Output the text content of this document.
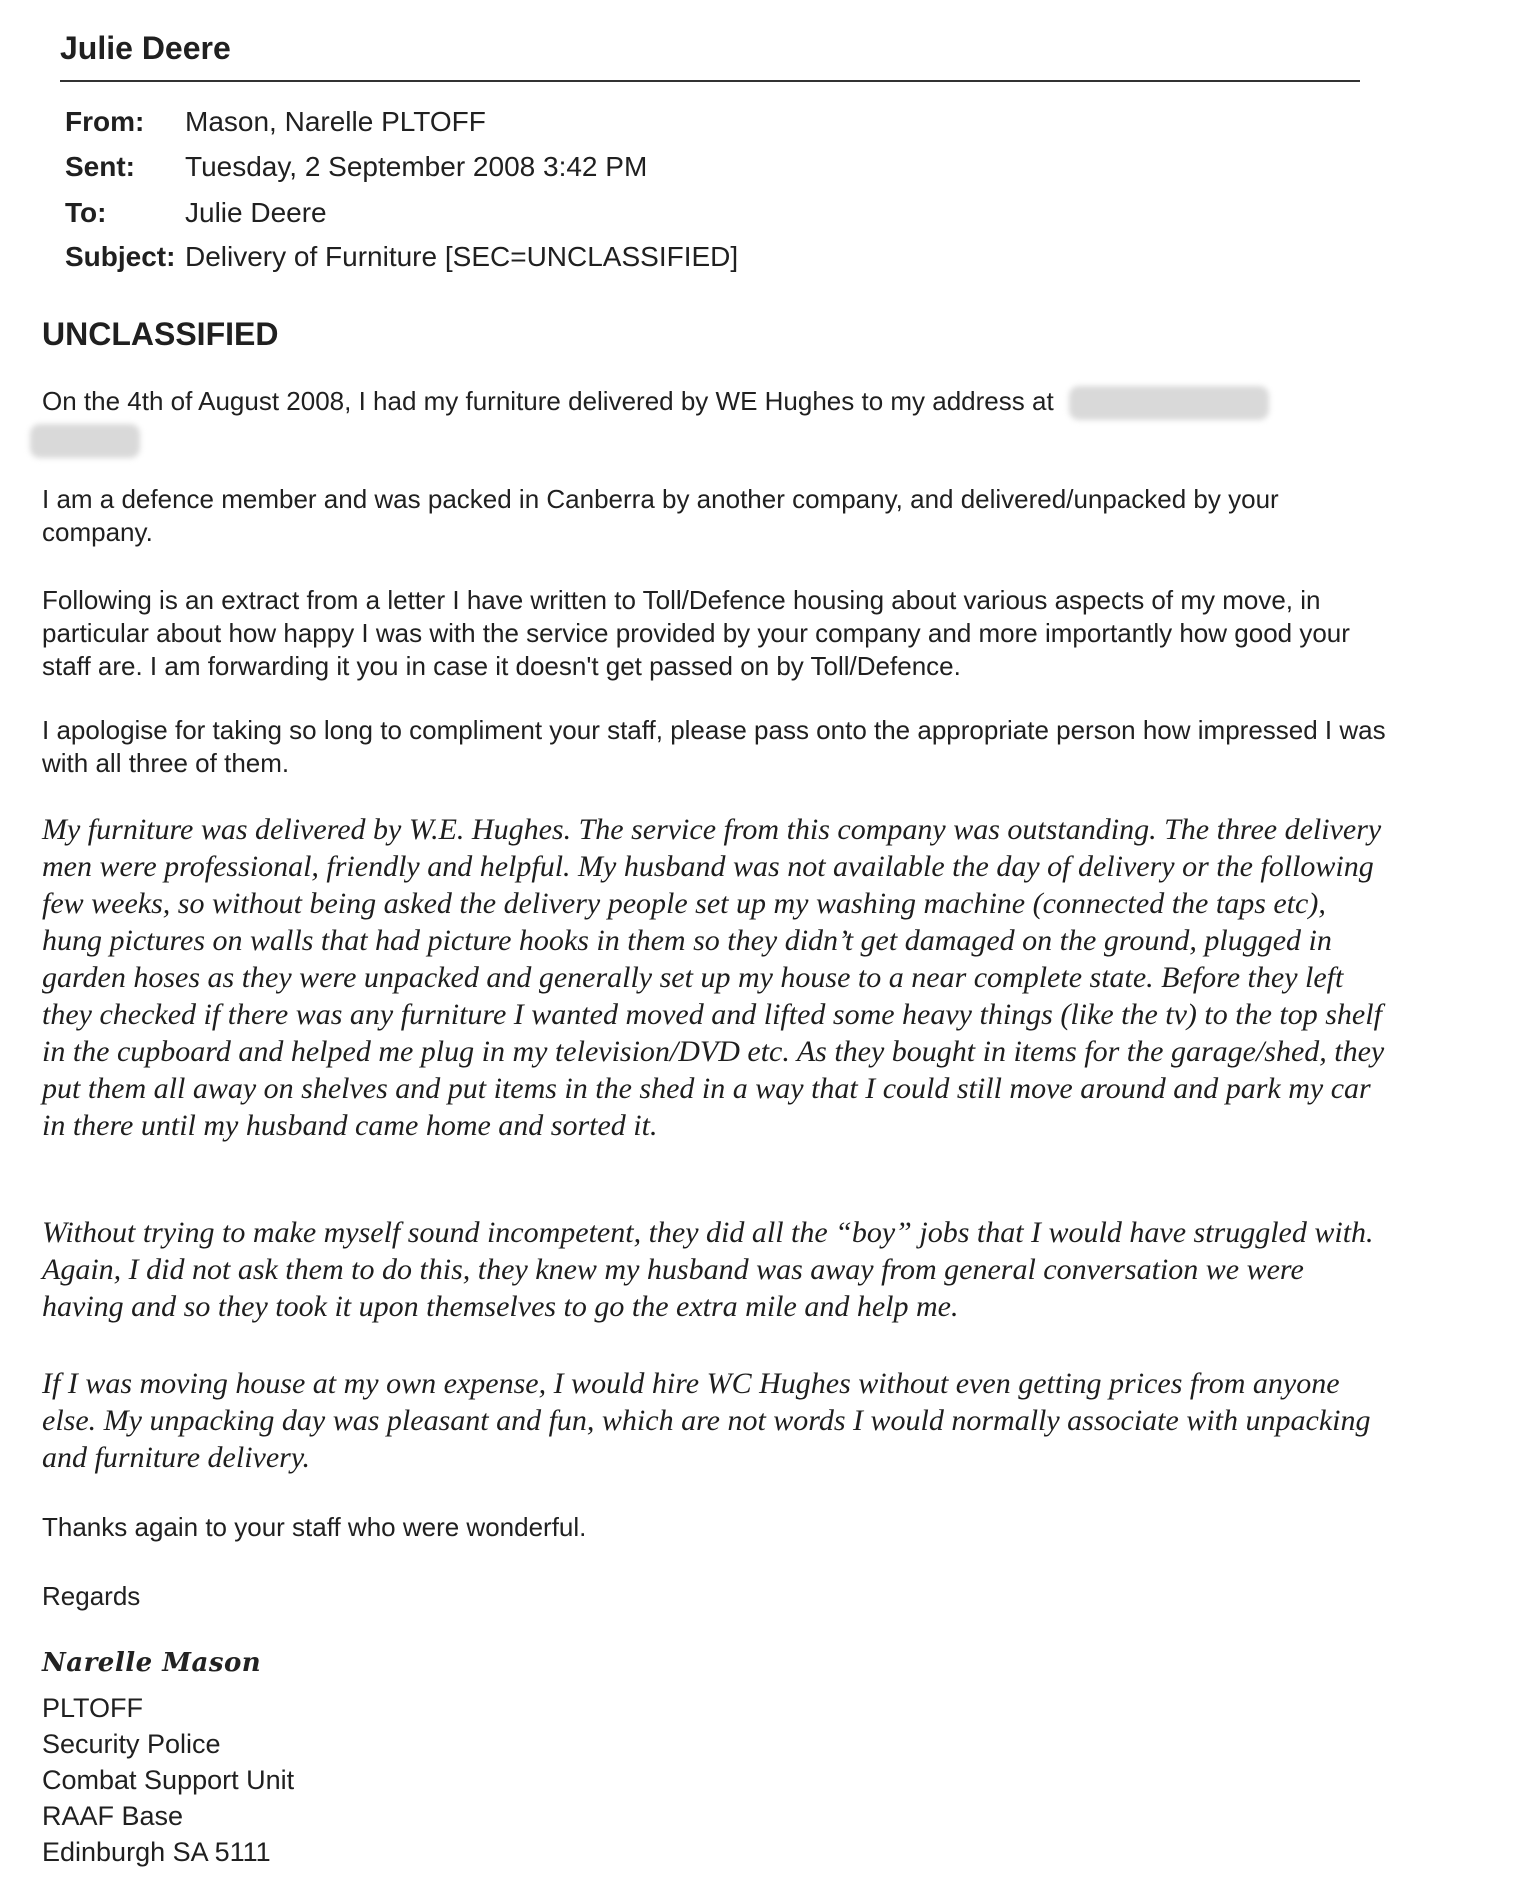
Julie Deere
From: Mason, Narelle PLTOFF
Sent: Tuesday, 2 September 2008 3:42 PM
To:	Julie Deere
Subject: Delivery of Furniture [SEC=UNCLASSIFIED]
UNCLASSIFIED

On the 4th of August 2008, I had my furniture delivered by WE Hughes to my address at

I am a defence member and was packed in Canberra by another company, and delivered/unpacked by your company.

Following is an extract from a letter I have written to Toll/Defence housing about various aspects of my move, in particular about how happy I was with the service provided by your company and more importantly how good your staff are. I am forwarding it you in case it doesn't get passed on by Toll/Defence.

I apologise for taking so long to compliment your staff, please pass onto the appropriate person how impressed I was with all three of them.

My furniture was delivered by W.E. Hughes. The service from this company was outstanding. The three delivery men were professional, friendly and helpful. My husband was not available the day of delivery or the following few weeks, so without being asked the delivery people set up my washing machine (connected the taps etc), hung pictures on walls that had picture hooks in them so they didn’t get damaged on the ground, plugged in garden hoses as they were unpacked and generally set up my house to a near complete state. Before they left they checked if there was any furniture I wanted moved and lifted some heavy things (like the tv) to the top shelf in the cupboard and helped me plug in my television/DVD etc. As they bought in items for the garage/shed, they put them all away on shelves and put items in the shed in a way that I could still move around and park my car in there until my husband came home and sorted it.

Without trying to make myself sound incompetent, they did all the “boy” jobs that I would have struggled with. Again, I did not ask them to do this, they knew my husband was away from general conversation we were having and so they took it upon themselves to go the extra mile and help me.

If I was moving house at my own expense, I would hire WC Hughes without even getting prices from anyone else. My unpacking day was pleasant and fun, which are not words I would normally associate with unpacking and furniture delivery.

Thanks again to your staff who were wonderful.

Regards

Narelle Mason
PLTOFF
Security Police
Combat Support Unit
RAAF Base
Edinburgh SA 5111
